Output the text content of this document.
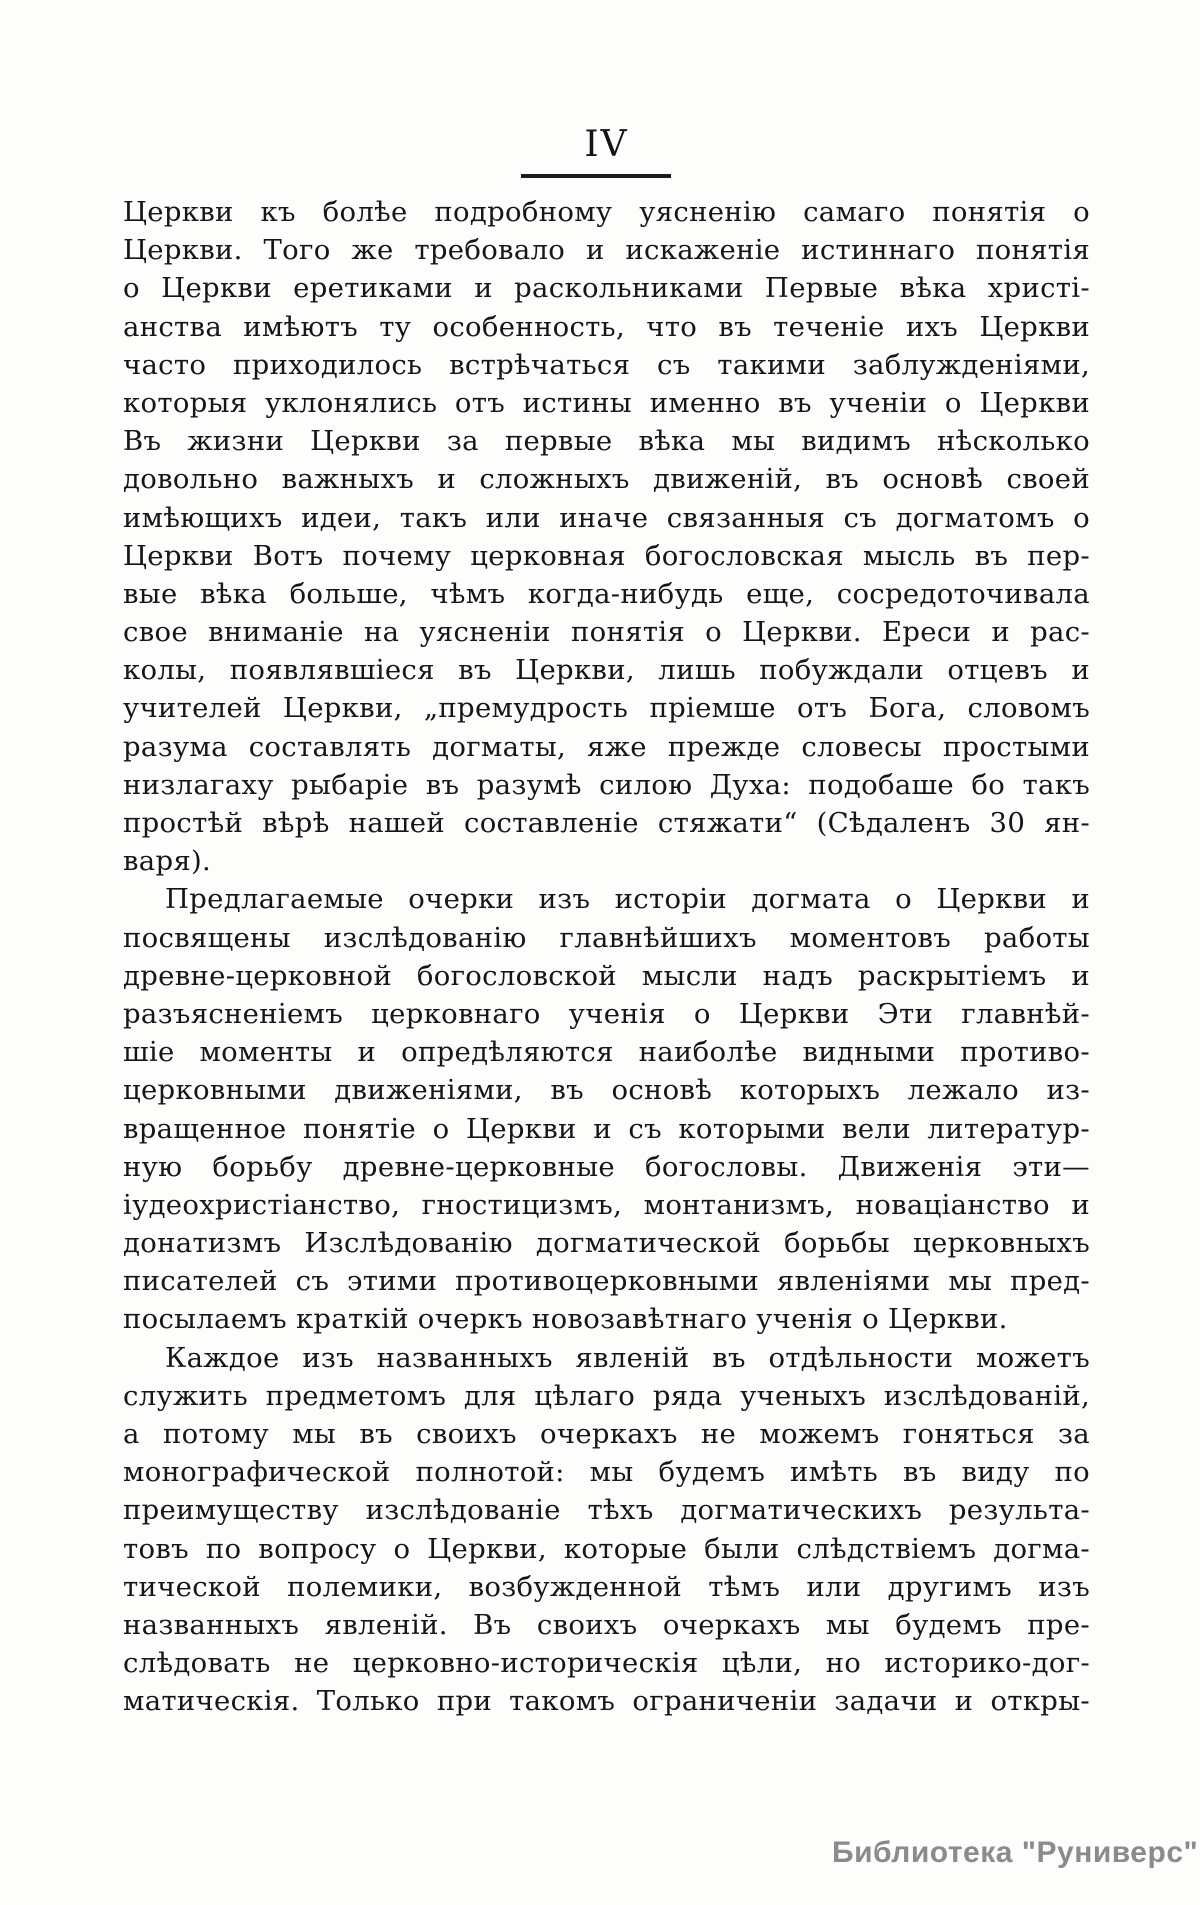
IV
Церкви къ болѣе подробному уясненію самаго понятія о
Церкви. Того же требовало и искаженіе истиннаго понятія
о Церкви еретиками и раскольниками Первые вѣка христі-
анства имѣютъ ту особенность, что въ теченіе ихъ Церкви
часто приходилось встрѣчаться съ такими заблужденіями,
которыя уклонялись отъ истины именно въ ученіи о Церкви
Въ жизни Церкви за первые вѣка мы видимъ нѣсколько
довольно важныхъ и сложныхъ движеній, въ основѣ своей
имѣющихъ идеи, такъ или иначе связанныя съ догматомъ о
Церкви Вотъ почему церковная богословская мысль въ пер-
вые вѣка больше, чѣмъ когда-нибудь еще, сосредоточивала
свое вниманіе на уясненіи понятія о Церкви. Ереси и рас-
колы, появлявшіеся въ Церкви, лишь побуждали отцевъ и
учителей Церкви, „премудрость пріемше отъ Бога, словомъ
разума составлять догматы, яже прежде словесы простыми
низлагаху рыбаріе въ разумѣ силою Духа: подобаше бо такъ
простѣй вѣрѣ нашей составленіе стяжати“ (Сѣдаленъ 30 ян-
варя).
Предлагаемые очерки изъ исторіи догмата о Церкви и
посвящены изслѣдованію главнѣйшихъ моментовъ работы
древне-церковной богословской мысли надъ раскрытіемъ и
разъясненіемъ церковнаго ученія о Церкви Эти главнѣй-
шіе моменты и опредѣляются наиболѣе видными противо-
церковными движеніями, въ основѣ которыхъ лежало из-
вращенное понятіе о Церкви и съ которыми вели литератур-
ную борьбу древне-церковные богословы. Движенія эти—
іудеохристіанство, гностицизмъ, монтанизмъ, новаціанство и
донатизмъ Изслѣдованію догматической борьбы церковныхъ
писателей съ этими противоцерковными явленіями мы пред-
посылаемъ краткій очеркъ новозавѣтнаго ученія о Церкви.
Каждое изъ названныхъ явленій въ отдѣльности можетъ
служить предметомъ для цѣлаго ряда ученыхъ изслѣдованій,
а потому мы въ своихъ очеркахъ не можемъ гоняться за
монографической полнотой: мы будемъ имѣть въ виду по
преимуществу изслѣдованіе тѣхъ догматическихъ результа-
товъ по вопросу о Церкви, которые были слѣдствіемъ догма-
тической полемики, возбужденной тѣмъ или другимъ изъ
названныхъ явленій. Въ своихъ очеркахъ мы будемъ пре-
слѣдовать не церковно-историческія цѣли, но историко-дог-
матическія. Только при такомъ ограниченіи задачи и откры-
Библиотека "Руниверс"
